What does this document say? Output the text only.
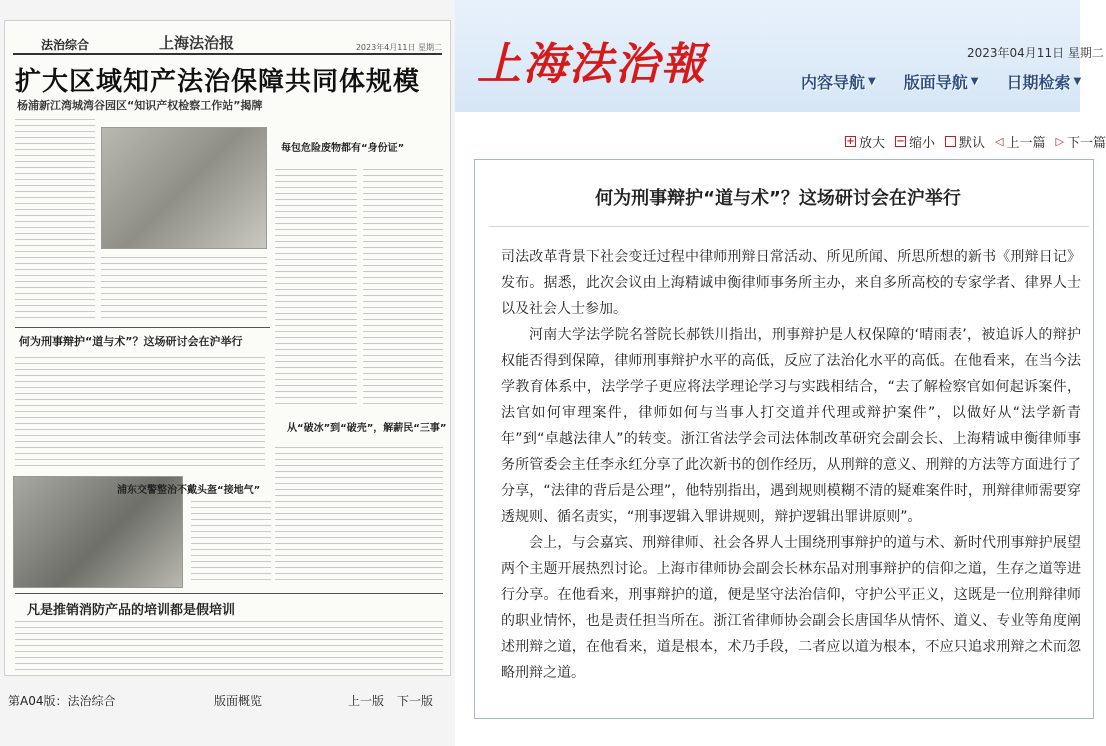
法治综合	上海法治报	2023年4月11日 星期二
扩大区域知产法治保障共同体规模
杨浦新江湾城湾谷园区“知识产权检察工作站”揭牌
每包危险废物都有“身份证”
何为刑事辩护“道与术”？这场研讨会在沪举行
从“破冰”到“破壳”，解薪民“三事”
浦东交警整治不戴头盔“接地气”
凡是推销消防产品的培训都是假培训
第A04版：法治综合	版面概览	上一版 下一版
上海法治報	2023年04月11日 星期二
内容导航 ▼ 版面导航 ▼ 日期检索 ▼
+ 放大 − 缩小 默认 ◁ 上一篇 ▷ 下一篇
何为刑事辩护“道与术”？这场研讨会在沪举行

司法改革背景下社会变迁过程中律师刑辩日常活动、所见所闻、所思所想的新书《刑辩日记》发布。据悉，此次会议由上海精诚申衡律师事务所主办，来自多所高校的专家学者、律界人士以及社会人士参加。

河南大学法学院名誉院长郝铁川指出，刑事辩护是人权保障的‘晴雨表’，被追诉人的辩护权能否得到保障，律师刑事辩护水平的高低，反应了法治化水平的高低。在他看来，在当今法学教育体系中，法学学子更应将法学理论学习与实践相结合，“去了解检察官如何起诉案件，法官如何审理案件，律师如何与当事人打交道并代理或辩护案件”，以做好从“法学新青年”到“卓越法律人”的转变。浙江省法学会司法体制改革研究会副会长、上海精诚申衡律师事务所管委会主任李永红分享了此次新书的创作经历，从刑辩的意义、刑辩的方法等方面进行了分享，“法律的背后是公理”，他特别指出，遇到规则模糊不清的疑难案件时，刑辩律师需要穿透规则、循名责实，“刑事逻辑入罪讲规则，辩护逻辑出罪讲原则”。

会上，与会嘉宾、刑辩律师、社会各界人士围绕刑事辩护的道与术、新时代刑事辩护展望两个主题开展热烈讨论。上海市律师协会副会长林东品对刑事辩护的信仰之道，生存之道等进行分享。在他看来，刑事辩护的道，便是坚守法治信仰，守护公平正义，这既是一位刑辩律师的职业情怀，也是责任担当所在。浙江省律师协会副会长唐国华从情怀、道义、专业等角度阐述刑辩之道，在他看来，道是根本，术乃手段，二者应以道为根本，不应只追求刑辩之术而忽略刑辩之道。
